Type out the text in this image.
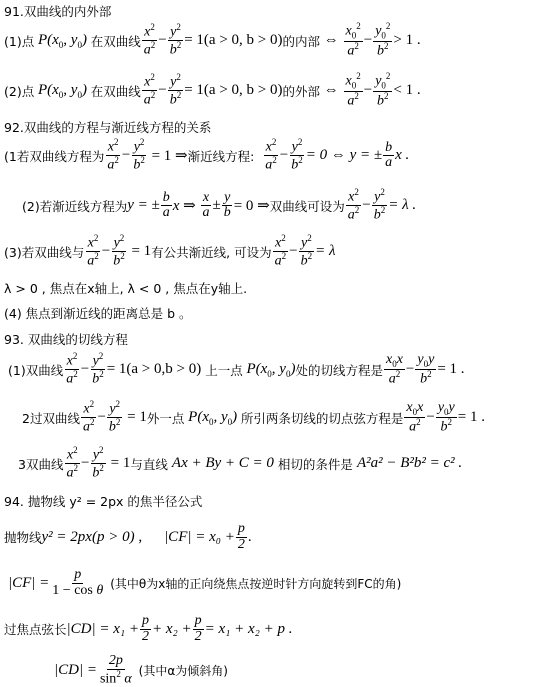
91.双曲线的内外部
(1)点 $P(x_0$, $y_0$) 在双曲线 $\frac{x^2}{a^2} - \frac{y^2}{b^2} = 1(a > 0$, b > 0) 的内部 ⇔ $\frac{x_0^2}{a^2} - \frac{y_0^2}{b^2} > 1$ .
(2)点 $P(x_0$, $y_0$) 在双曲线 $\frac{x^2}{a^2} - \frac{y^2}{b^2} = 1(a > 0$, b > 0) 的外部 ⇔ $\frac{x_0^2}{a^2} - \frac{y_0^2}{b^2} < 1$ .
92.双曲线的方程与渐近线方程的关系
(1若双曲线方程为 $\frac{x^2}{a^2} - \frac{y^2}{b^2} = 1$ ⇒ 渐近线方程:
$\frac{x^2}{a^2} - \frac{y^2}{b^2} = 0$ ⇔ y = ± $\frac{b}{a}$ x .
(2)若渐近线方程为 y = ± $\frac{b}{a}$ x ⇒ $\frac{x}{a} \pm \frac{y}{b} = 0$ ⇒ 双曲线可设为 $\frac{x^2}{a^2} - \frac{y^2}{b^2} = \lambda$ .
(3)若双曲线与 $\frac{x^2}{a^2} - \frac{y^2}{b^2} = 1$ 有公共渐近线, 可设为 $\frac{x^2}{a^2} - \frac{y^2}{b^2} = \lambda$
λ > 0 , 焦点在x轴上, λ < 0 , 焦点在y轴上.
(4) 焦点到渐近线的距离总是 b 。
93. 双曲线的切线方程
(1)双曲线 $\frac{x^2}{a^2} - \frac{y^2}{b^2} = 1(a > 0,b > 0)$
上一点 $P(x_0$, $y_0$) 处的切线方程是 $\frac{x_0x}{a^2} - \frac{y_0y}{b^2} = 1$ .
2过双曲线 $\frac{x^2}{a^2} - \frac{y^2}{b^2} = 1$ 外一点 $P(x_0$, $y_0$) 所引两条切线的切点弦方程是 $\frac{x_0x}{a^2} - \frac{y_0y}{b^2} = 1$ .
3双曲线 $\frac{x^2}{a^2} - \frac{y^2}{b^2} = 1$ 与直线 Ax + By + C = 0 相切的条件是 A²a² − B²b² = c² .
94. 抛物线 y² = 2px 的焦半径公式
抛物线 y² = 2px(p > 0) , $|CF| = x_0 + \frac{p}{2}$ .
$|CF| = \frac{p}{\text{1 − cos θ}}$ (其中θ为x轴的正向绕焦点按逆时针方向旋转到FC的角)
过焦点弦长 $|CD| = x_1 + \frac{p}{2} + x_2 + \frac{p}{2} = x_1 + x_2 + p$ .
$|CD| = \frac{2p}{\sin^2 \alpha}$ (其中α为倾斜角)
